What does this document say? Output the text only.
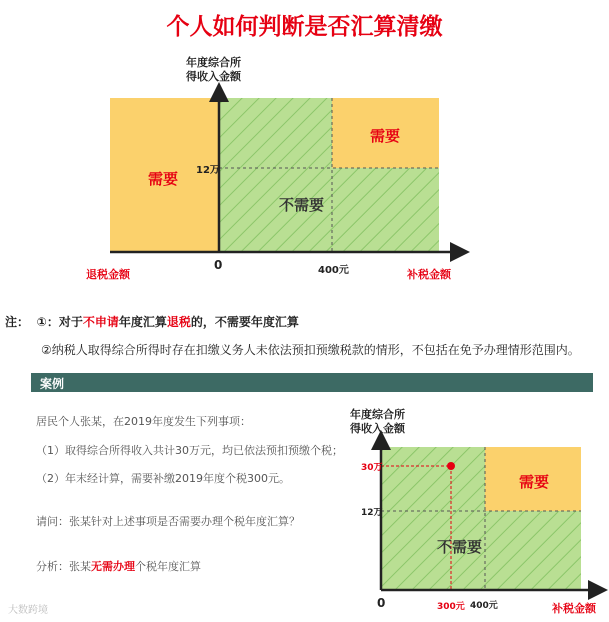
个人如何判断是否汇算清缴
年度综合所
得收入金额
需要
需要
不需要
12万
0	400元
退税金额	补税金额
注： ①：对于不申请年度汇算退税的，不需要年度汇算
②纳税人取得综合所得时存在扣缴义务人未依法预扣预缴税款的情形，不包括在免予办理情形范围内。
案例
居民个人张某，在2019年度发生下列事项：
（1）取得综合所得收入共计30万元，均已依法预扣预缴个税；
（2）年末经计算，需要补缴2019年度个税300元。
请问：张某针对上述事项是否需要办理个税年度汇算？
分析：张某无需办理个税年度汇算
年度综合所
得收入金额
30万
12万
需要
不需要
0	300元 400元	补税金额
大数跨境
